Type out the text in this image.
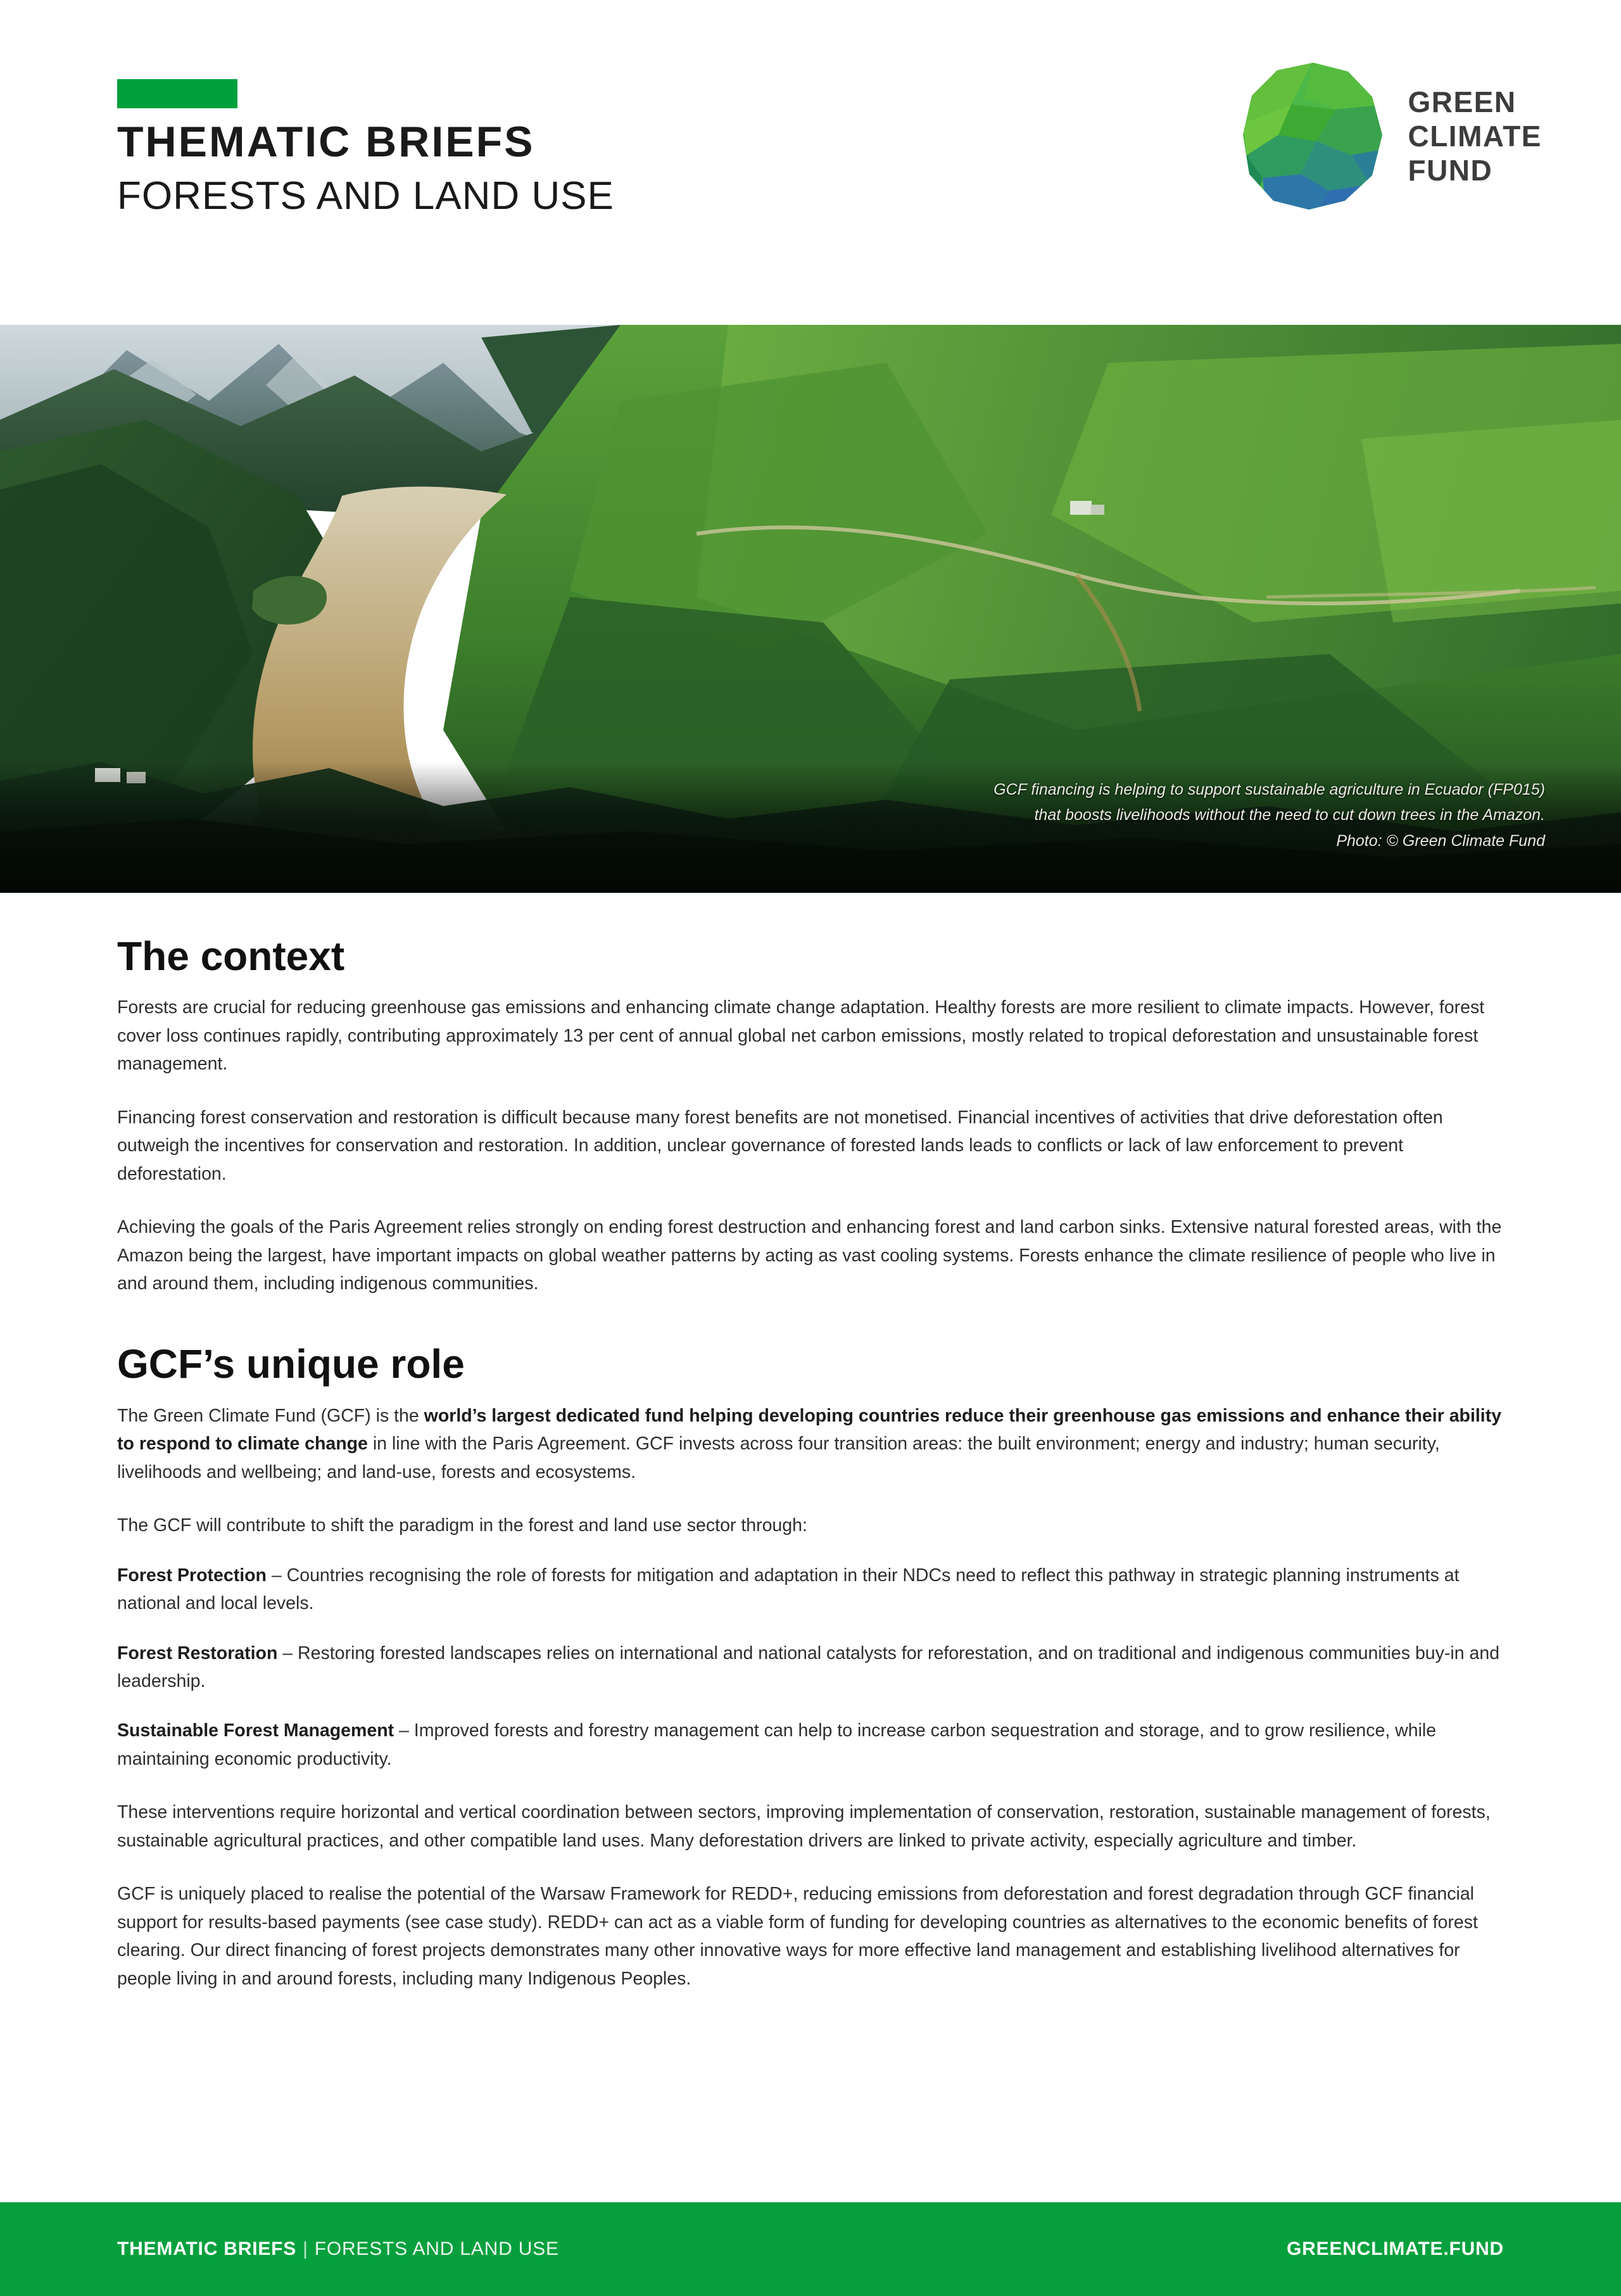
THEMATIC BRIEFS
FORESTS AND LAND USE
GREEN
CLIMATE
FUND
GCF financing is helping to support sustainable agriculture in Ecuador (FP015)
that boosts livelihoods without the need to cut down trees in the Amazon.
Photo: © Green Climate Fund
The context

Forests are crucial for reducing greenhouse gas emissions and enhancing climate change adaptation. Healthy forests are more resilient to climate impacts. However, forest cover loss continues rapidly, contributing approximately 13 per cent of annual global net carbon emissions, mostly related to tropical deforestation and unsustainable forest management.

Financing forest conservation and restoration is difficult because many forest benefits are not monetised. Financial incentives of activities that drive deforestation often outweigh the incentives for conservation and restoration. In addition, unclear governance of forested lands leads to conflicts or lack of law enforcement to prevent deforestation.

Achieving the goals of the Paris Agreement relies strongly on ending forest destruction and enhancing forest and land carbon sinks. Extensive natural forested areas, with the Amazon being the largest, have important impacts on global weather patterns by acting as vast cooling systems. Forests enhance the climate resilience of people who live in and around them, including indigenous communities.

GCF’s unique role

The Green Climate Fund (GCF) is the world’s largest dedicated fund helping developing countries reduce their greenhouse gas emissions and enhance their ability to respond to climate change in line with the Paris Agreement. GCF invests across four transition areas: the built environment; energy and industry; human security, livelihoods and wellbeing; and land-use, forests and ecosystems.

The GCF will contribute to shift the paradigm in the forest and land use sector through:

Forest Protection – Countries recognising the role of forests for mitigation and adaptation in their NDCs need to reflect this pathway in strategic planning instruments at national and local levels.

Forest Restoration – Restoring forested landscapes relies on international and national catalysts for reforestation, and on traditional and indigenous communities buy-in and leadership.

Sustainable Forest Management – Improved forests and forestry management can help to increase carbon sequestration and storage, and to grow resilience, while maintaining economic productivity.

These interventions require horizontal and vertical coordination between sectors, improving implementation of conservation, restoration, sustainable management of forests, sustainable agricultural practices, and other compatible land uses. Many deforestation drivers are linked to private activity, especially agriculture and timber.

GCF is uniquely placed to realise the potential of the Warsaw Framework for REDD+, reducing emissions from deforestation and forest degradation through GCF financial support for results-based payments (see case study). REDD+ can act as a viable form of funding for developing countries as alternatives to the economic benefits of forest clearing. Our direct financing of forest projects demonstrates many other innovative ways for more effective land management and establishing livelihood alternatives for people living in and around forests, including many Indigenous Peoples.

THEMATIC BRIEFS | FORESTS AND LAND USE	GREENCLIMATE.FUND
